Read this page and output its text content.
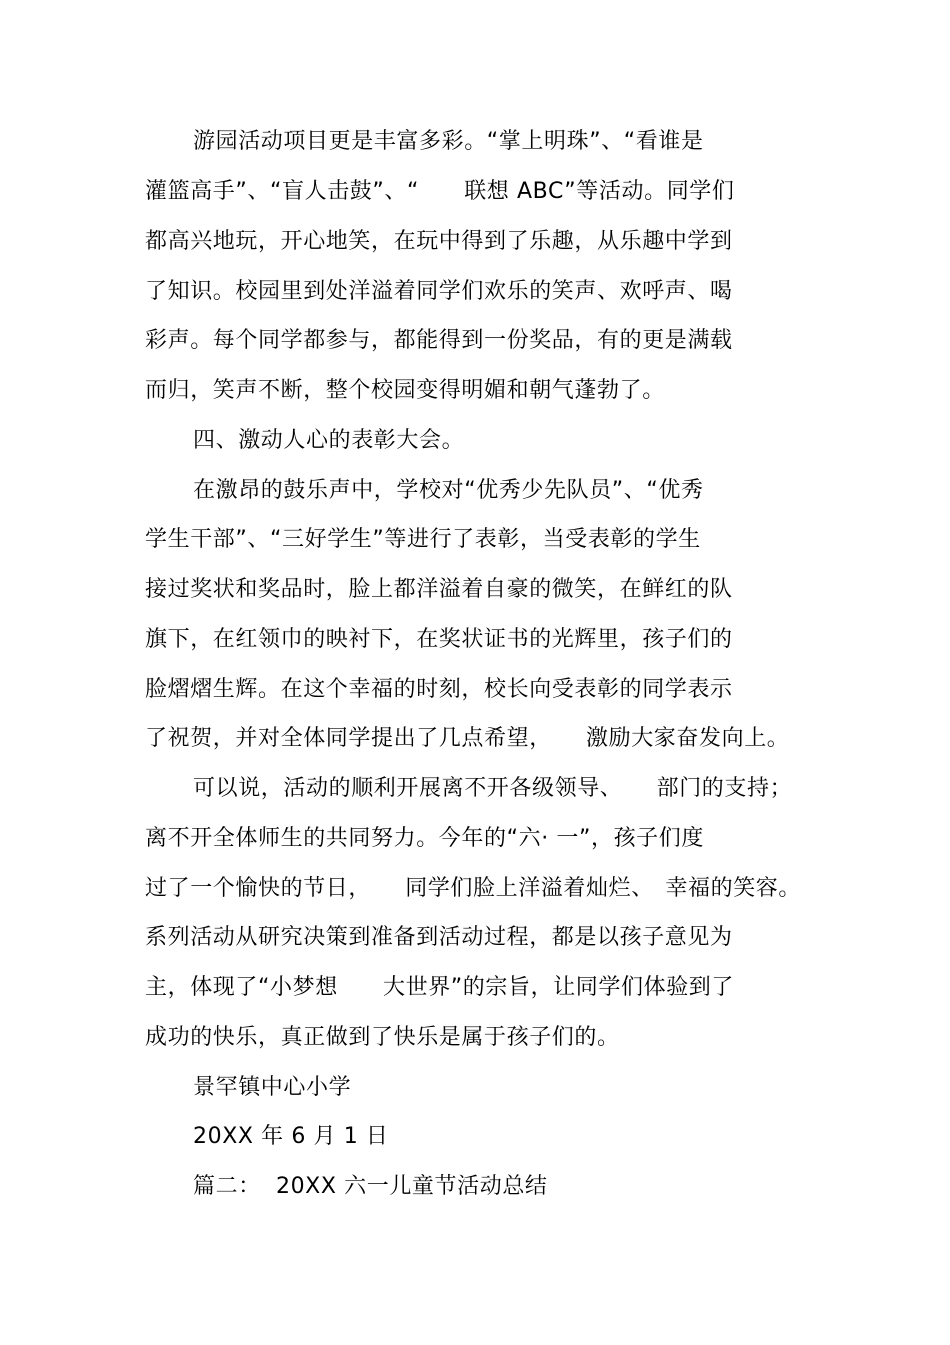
游园活动项目更是丰富多彩。“掌上明珠”、“看谁是
灌篮高手”、“盲人击鼓”、“　　联想 ABC”等活动。同学们
都高兴地玩，开心地笑，在玩中得到了乐趣，从乐趣中学到
了知识。校园里到处洋溢着同学们欢乐的笑声、欢呼声、喝
彩声。每个同学都参与，都能得到一份奖品，有的更是满载
而归，笑声不断，整个校园变得明媚和朝气蓬勃了。
四、激动人心的表彰大会。
在激昂的鼓乐声中，学校对“优秀少先队员”、“优秀
学生干部”、“三好学生”等进行了表彰，当受表彰的学生
接过奖状和奖品时，脸上都洋溢着自豪的微笑，在鲜红的队
旗下，在红领巾的映衬下，在奖状证书的光辉里，孩子们的
脸熠熠生辉。在这个幸福的时刻，校长向受表彰的同学表示
了祝贺，并对全体同学提出了几点希望，　　激励大家奋发向上。
可以说，活动的顺利开展离不开各级领导、　　部门的支持；
离不开全体师生的共同努力。今年的“六· 一”，孩子们度
过了一个愉快的节日，　　同学们脸上洋溢着灿烂、　幸福的笑容。
系列活动从研究决策到准备到活动过程，都是以孩子意见为
主，体现了“小梦想　　大世界”的宗旨，让同学们体验到了
成功的快乐，真正做到了快乐是属于孩子们的。
景罕镇中心小学
20XX 年 6 月 1 日
篇二：  20XX 六一儿童节活动总结
